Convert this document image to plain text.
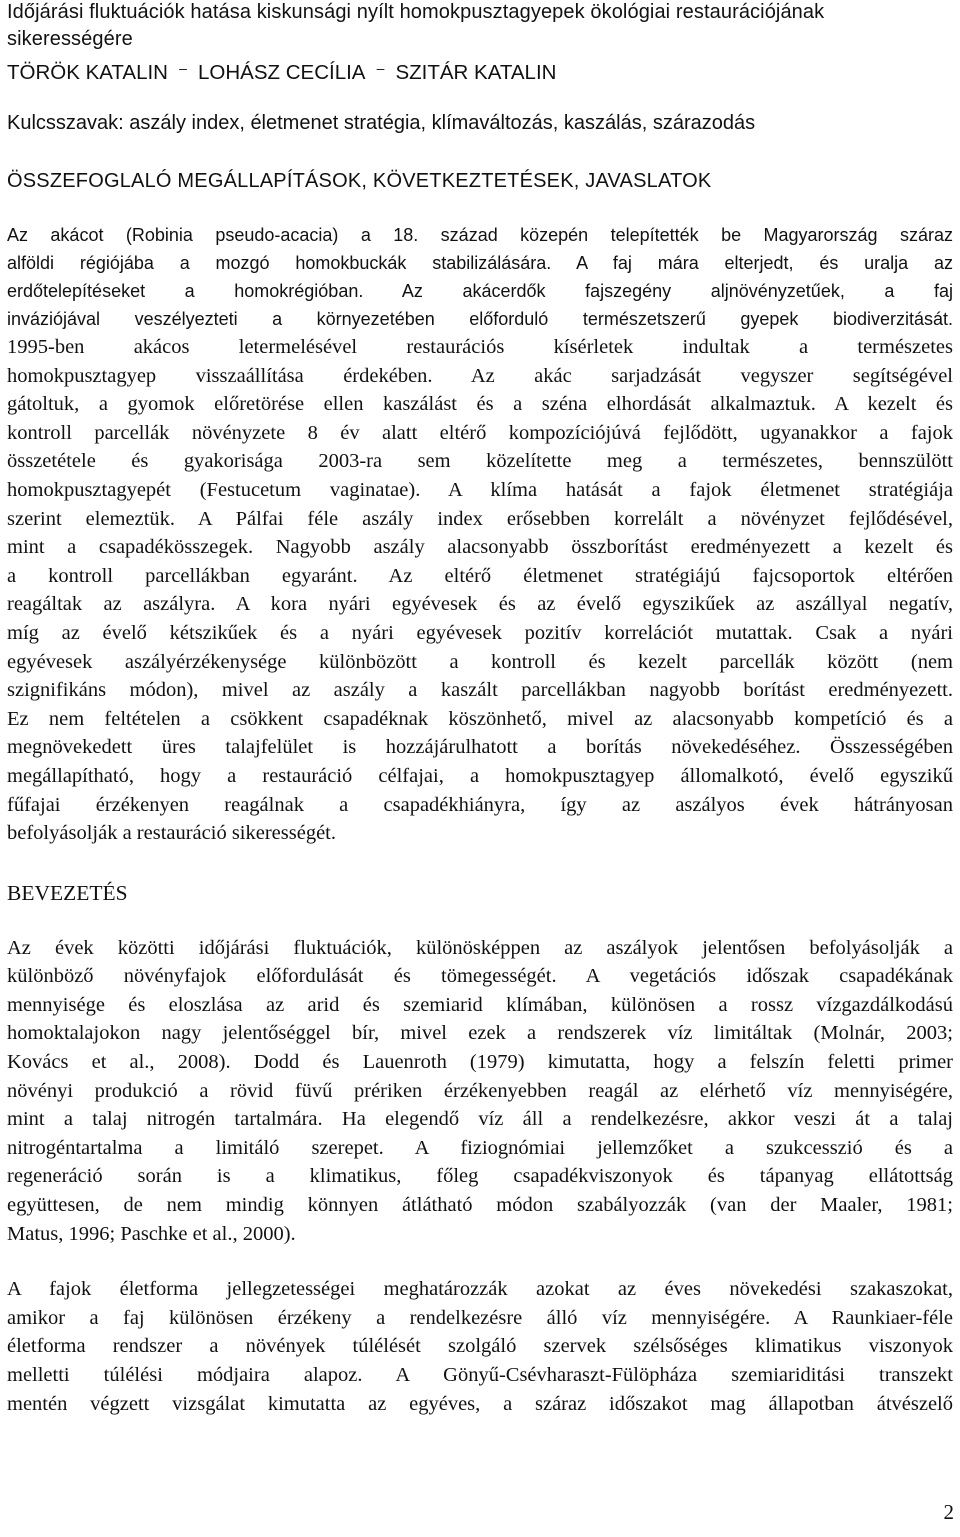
Időjárási fluktuációk hatása kiskunsági nyílt homokpusztagyepek ökológiai restaurációjának
sikerességére
TÖRÖK KATALIN – LOHÁSZ CECÍLIA – SZITÁR KATALIN
Kulcsszavak: aszály index, életmenet stratégia, klímaváltozás, kaszálás, szárazodás
ÖSSZEFOGLALÓ MEGÁLLAPÍTÁSOK, KÖVETKEZTETÉSEK, JAVASLATOK
Az akácot (Robinia pseudo-acacia) a 18. század közepén telepítették be Magyarország száraz
alföldi régiójába a mozgó homokbuckák stabilizálására. A faj mára elterjedt, és uralja az
erdőtelepítéseket a homokrégióban. Az akácerdők fajszegény aljnövényzetűek, a faj
inváziójával veszélyezteti a környezetében előforduló természetszerű gyepek biodiverzitását.
1995-ben akácos letermelésével restaurációs kísérletek indultak a természetes
homokpusztagyep visszaállítása érdekében. Az akác sarjadzását vegyszer segítségével
gátoltuk, a gyomok előretörése ellen kaszálást és a széna elhordását alkalmaztuk. A kezelt és
kontroll parcellák növényzete 8 év alatt eltérő kompozíciójúvá fejlődött, ugyanakkor a fajok
összetétele és gyakorisága 2003-ra sem közelítette meg a természetes, bennszülött
homokpusztagyepét (Festucetum vaginatae). A klíma hatását a fajok életmenet stratégiája
szerint elemeztük. A Pálfai féle aszály index erősebben korrelált a növényzet fejlődésével,
mint a csapadékösszegek. Nagyobb aszály alacsonyabb összborítást eredményezett a kezelt és
a kontroll parcellákban egyaránt. Az eltérő életmenet stratégiájú fajcsoportok eltérően
reagáltak az aszályra. A kora nyári egyévesek és az évelő egyszikűek az aszállyal negatív,
míg az évelő kétszikűek és a nyári egyévesek pozitív korrelációt mutattak. Csak a nyári
egyévesek aszályérzékenysége különbözött a kontroll és kezelt parcellák között (nem
szignifikáns módon), mivel az aszály a kaszált parcellákban nagyobb borítást eredményezett.
Ez nem feltételen a csökkent csapadéknak köszönhető, mivel az alacsonyabb kompetíció és a
megnövekedett üres talajfelület is hozzájárulhatott a borítás növekedéséhez. Összességében
megállapítható, hogy a restauráció célfajai, a homokpusztagyep állomalkotó, évelő egyszikű
fűfajai érzékenyen reagálnak a csapadékhiányra, így az aszályos évek hátrányosan
befolyásolják a restauráció sikerességét.
BEVEZETÉS
Az évek közötti időjárási fluktuációk, különösképpen az aszályok jelentősen befolyásolják a
különböző növényfajok előfordulását és tömegességét. A vegetációs időszak csapadékának
mennyisége és eloszlása az arid és szemiarid klímában, különösen a rossz vízgazdálkodású
homoktalajokon nagy jelentőséggel bír, mivel ezek a rendszerek víz limitáltak (Molnár, 2003;
Kovács et al., 2008). Dodd és Lauenroth (1979) kimutatta, hogy a felszín feletti primer
növényi produkció a rövid füvű prériken érzékenyebben reagál az elérhető víz mennyiségére,
mint a talaj nitrogén tartalmára. Ha elegendő víz áll a rendelkezésre, akkor veszi át a talaj
nitrogéntartalma a limitáló szerepet. A fiziognómiai jellemzőket a szukcesszió és a
regeneráció során is a klimatikus, főleg csapadékviszonyok és tápanyag ellátottság
együttesen, de nem mindig könnyen átlátható módon szabályozzák (van der Maaler, 1981;
Matus, 1996; Paschke et al., 2000).
A fajok életforma jellegzetességei meghatározzák azokat az éves növekedési szakaszokat,
amikor a faj különösen érzékeny a rendelkezésre álló víz mennyiségére. A Raunkiaer-féle
életforma rendszer a növények túlélését szolgáló szervek szélsőséges klimatikus viszonyok
melletti túlélési módjaira alapoz. A Gönyű-Csévharaszt-Fülöpháza szemiariditási transzekt
mentén végzett vizsgálat kimutatta az egyéves, a száraz időszakot mag állapotban átvészelő
2
